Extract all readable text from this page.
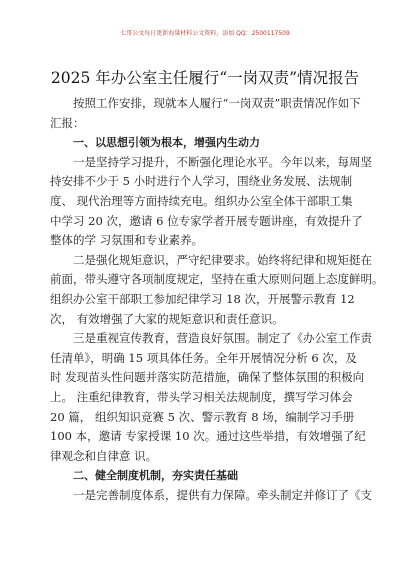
七哥公文每日更新海量材料公文资料，添加 QQ：2500117509
2025 年办公室主任履行“一岗双责”情况报告
按照工作安排，现就本人履行“一岗双责”职责情况作如下
汇报：
一、以思想引领为根本，增强内生动力
一是坚持学习提升，不断强化理论水平。今年以来，每周坚
持安排不少于 5 小时进行个人学习，围绕业务发展、法规制
度、 现代治理等方面持续充电。组织办公室全体干部职工集
中学习 20 次，邀请 6 位专家学者开展专题讲座，有效提升了
整体的学 习氛围和专业素养。
二是强化规矩意识，严守纪律要求。始终将纪律和规矩挺在
前面，带头遵守各项制度规定，坚持在重大原则问题上态度鲜明。
组织办公室干部职工参加纪律学习 18 次，开展警示教育 12
次， 有效增强了大家的规矩意识和责任意识。
三是重视宣传教育，营造良好氛围。制定了《办公室工作责
任清单》，明确 15 项具体任务。全年开展情况分析 6 次，及
时 发现苗头性问题并落实防范措施，确保了整体氛围的积极向
上。 注重纪律教育，带头学习相关法规制度，撰写学习体会
20 篇， 组织知识竞赛 5 次、警示教育 8 场，编制学习手册
100 本，邀请 专家授课 10 次。通过这些举措，有效增强了纪
律观念和自律意 识。
二、健全制度机制，夯实责任基础
一是完善制度体系，提供有力保障。牵头制定并修订了《支
